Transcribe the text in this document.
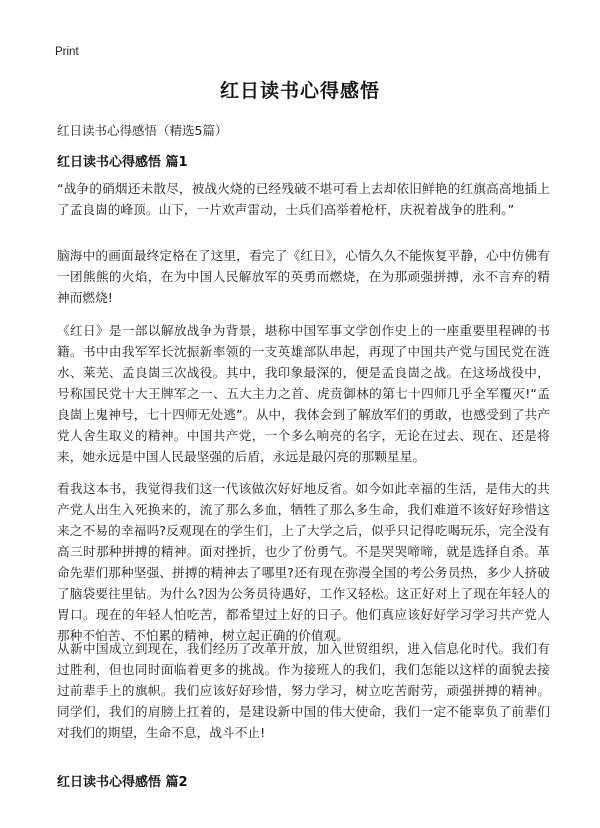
Print
红日读书心得感悟
红日读书心得感悟（精选5篇）
红日读书心得感悟 篇1

“战争的硝烟还未散尽，被战火烧的已经残破不堪可看上去却依旧鲜艳的红旗高高地插上了孟良崮的峰顶。山下，一片欢声雷动，士兵们高举着枪杆，庆祝着战争的胜利。”

脑海中的画面最终定格在了这里，看完了《红日》，心情久久不能恢复平静，心中仿佛有一团熊熊的火焰，在为中国人民解放军的英勇而燃烧，在为那顽强拼搏，永不言弃的精神而燃烧!

《红日》是一部以解放战争为背景，堪称中国军事文学创作史上的一座重要里程碑的书籍。书中由我军军长沈振新率领的一支英雄部队串起，再现了中国共产党与国民党在涟水、莱芜、孟良崮三次战役。其中，我印象最深的，便是孟良崮之战。在这场战役中，号称国民党十大王牌军之一、五大主力之首、虎贲御林的第七十四师几乎全军覆灭!“孟良崮上鬼神号，七十四师无处逃”。从中，我体会到了解放军们的勇敢，也感受到了共产党人舍生取义的精神。中国共产党，一个多么响亮的名字，无论在过去、现在、还是将来，她永远是中国人民最坚强的后盾，永远是最闪亮的那颗星星。

看我这本书，我觉得我们这一代该做次好好地反省。如今如此幸福的生活，是伟大的共产党人出生入死换来的，流了那么多血，牺牲了那么多生命，我们难道不该好好珍惜这来之不易的幸福吗?反观现在的学生们，上了大学之后，似乎只记得吃喝玩乐，完全没有高三时那种拼搏的精神。面对挫折，也少了份勇气。不是哭哭啼啼，就是选择自杀。革命先辈们那种坚强、拼搏的精神去了哪里?还有现在弥漫全国的考公务员热，多少人挤破了脑袋要往里钻。为什么?因为公务员待遇好，工作又轻松。这正好对上了现在年轻人的胃口。现在的年轻人怕吃苦，都希望过上好的日子。他们真应该好好学习学习共产党人那种不怕苦、不怕累的精神，树立起正确的价值观。

从新中国成立到现在，我们经历了改革开放，加入世贸组织，进入信息化时代。我们有过胜利，但也同时面临着更多的挑战。作为接班人的我们，我们怎能以这样的面貌去接过前辈手上的旗帜。我们应该好好珍惜，努力学习，树立吃苦耐劳，顽强拼搏的精神。同学们，我们的肩膀上扛着的，是建设新中国的伟大使命，我们一定不能辜负了前辈们对我们的期望，生命不息，战斗不止!

红日读书心得感悟 篇2
